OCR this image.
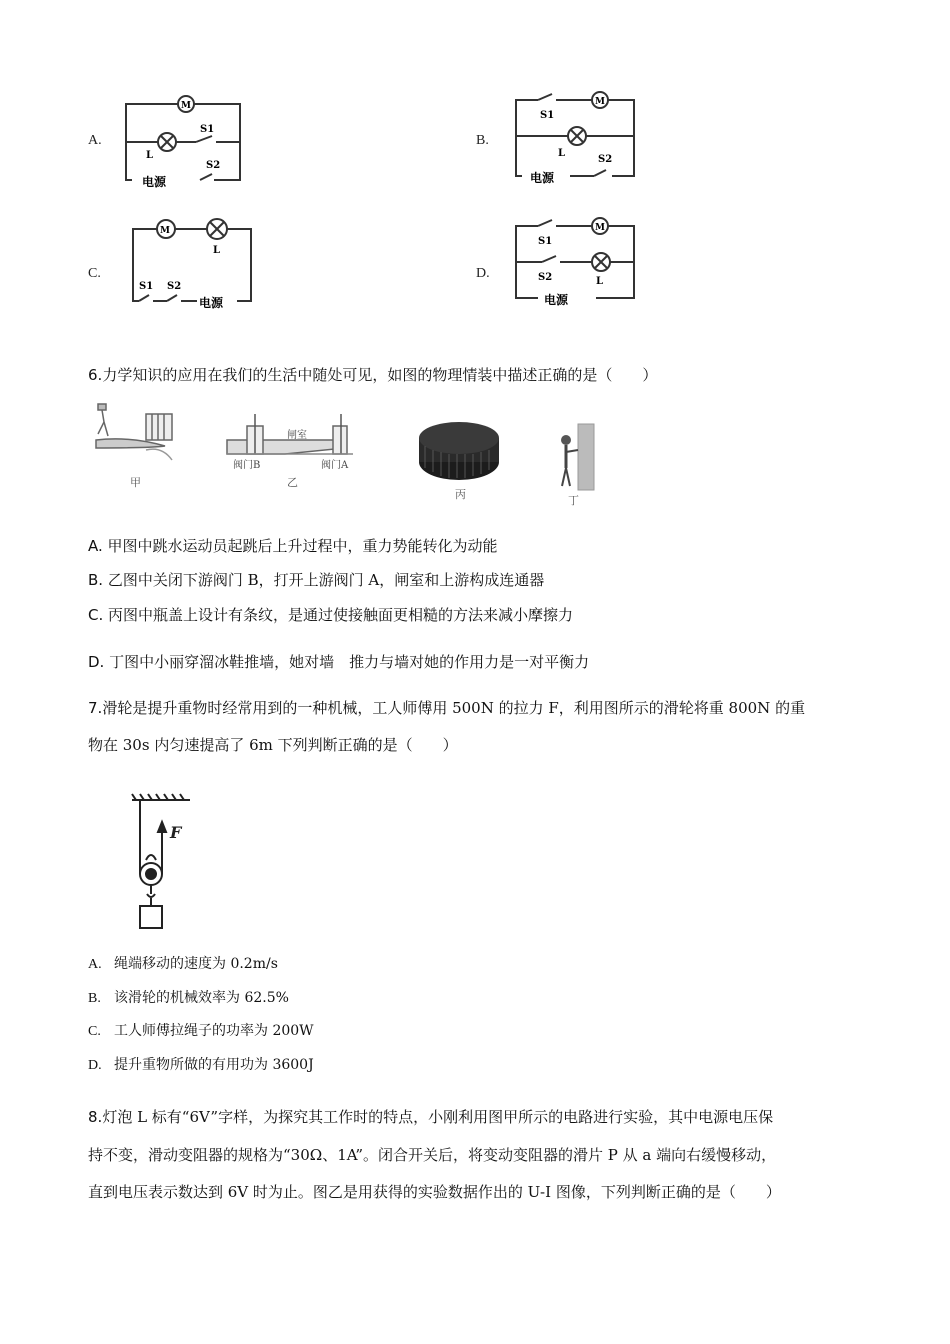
A.	B.
C.	D.
M
L
S1
S2
电源
M
S1
L
S2
电源
M
L
S1 S2
电源
M
S1
S2	L
电源
6.力学知识的应用在我们的生活中随处可见，如图的物理情装中描述正确的是（　　）
甲
闸室
阀门B	阀门A
乙
丙	丁
A. 甲图中跳水运动员起跳后上升过程中，重力势能转化为动能
B. 乙图中关闭下游阀门 B，打开上游阀门 A，闸室和上游构成连通器
C. 丙图中瓶盖上设计有条纹，是通过使接触面更相糙的方法来减小摩擦力
D. 丁图中小丽穿溜冰鞋推墙，她对墙　推力与墙对她的作用力是一对平衡力
7.滑轮是提升重物时经常用到的一种机械，工人师傅用 500N 的拉力 F，利用图所示的滑轮将重 800N 的重
物在 30s 内匀速提高了 6m 下列判断正确的是（　　）
F
A. 绳端移动的速度为 0.2m/s
B. 该滑轮的机械效率为 62.5%
C. 工人师傅拉绳子的功率为 200W
D. 提升重物所做的有用功为 3600J
8.灯泡 L 标有“6V”字样，为探究其工作时的特点，小刚利用图甲所示的电路进行实验，其中电源电压保
持不变，滑动变阻器的规格为“30Ω、1A”。闭合开关后，将变动变阻器的滑片 P 从 a 端向右缓慢移动，
直到电压表示数达到 6V 时为止。图乙是用获得的实验数据作出的 U-I 图像，下列判断正确的是（　　）
